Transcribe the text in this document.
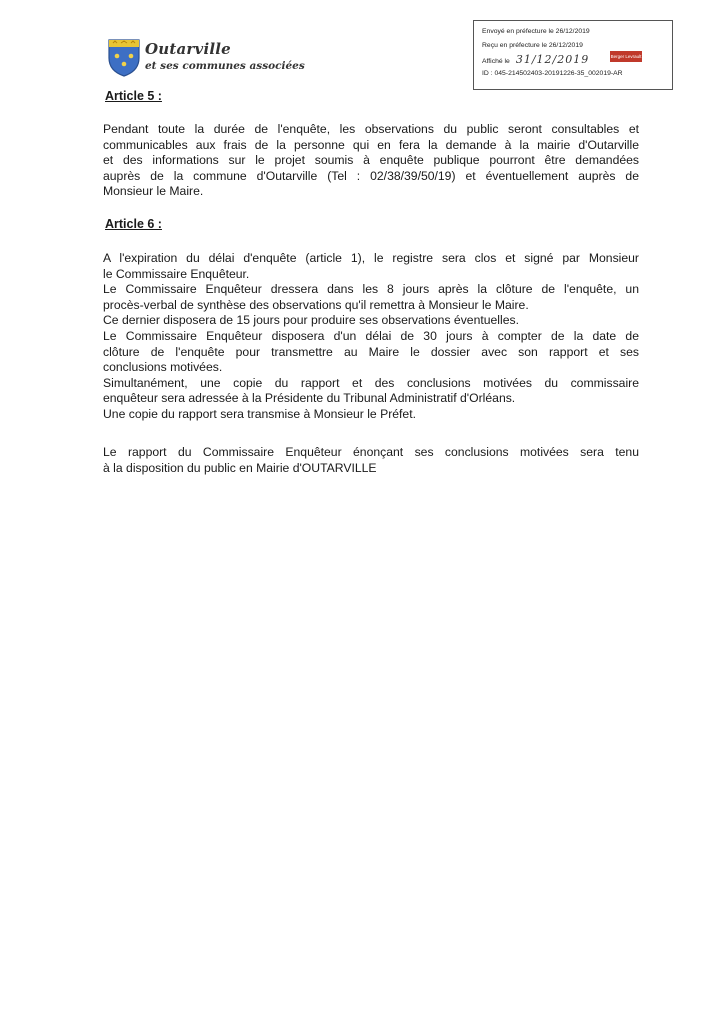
Outarville
et ses communes associées
Envoyé en préfecture le 26/12/2019
Reçu en préfecture le 26/12/2019
Affiché le 31/12/2019
ID : 045-214502403-20191226-35_002019-AR
Berger Levrault
Article 5 :

Pendant toute la durée de l'enquête, les observations du public seront consultables et

communicables aux frais de la personne qui en fera la demande à la mairie d'Outarville

et des informations sur le projet soumis à enquête publique pourront être demandées

auprès de la commune d'Outarville (Tel : 02/38/39/50/19) et éventuellement auprès de

Monsieur le Maire.

Article 6 :

A l'expiration du délai d'enquête (article 1), le registre sera clos et signé par Monsieur

le Commissaire Enquêteur.

Le Commissaire Enquêteur dressera dans les 8 jours après la clôture de l'enquête, un

procès-verbal de synthèse des observations qu'il remettra à Monsieur le Maire.

Ce dernier disposera de 15 jours pour produire ses observations éventuelles.

Le Commissaire Enquêteur disposera d'un délai de 30 jours à compter de la date de

clôture de l'enquête pour transmettre au Maire le dossier avec son rapport et ses

conclusions motivées.

Simultanément, une copie du rapport et des conclusions motivées du commissaire

enquêteur sera adressée à la Présidente du Tribunal Administratif d'Orléans.

Une copie du rapport sera transmise à Monsieur le Préfet.

Le rapport du Commissaire Enquêteur énonçant ses conclusions motivées sera tenu

à la disposition du public en Mairie d'OUTARVILLE
